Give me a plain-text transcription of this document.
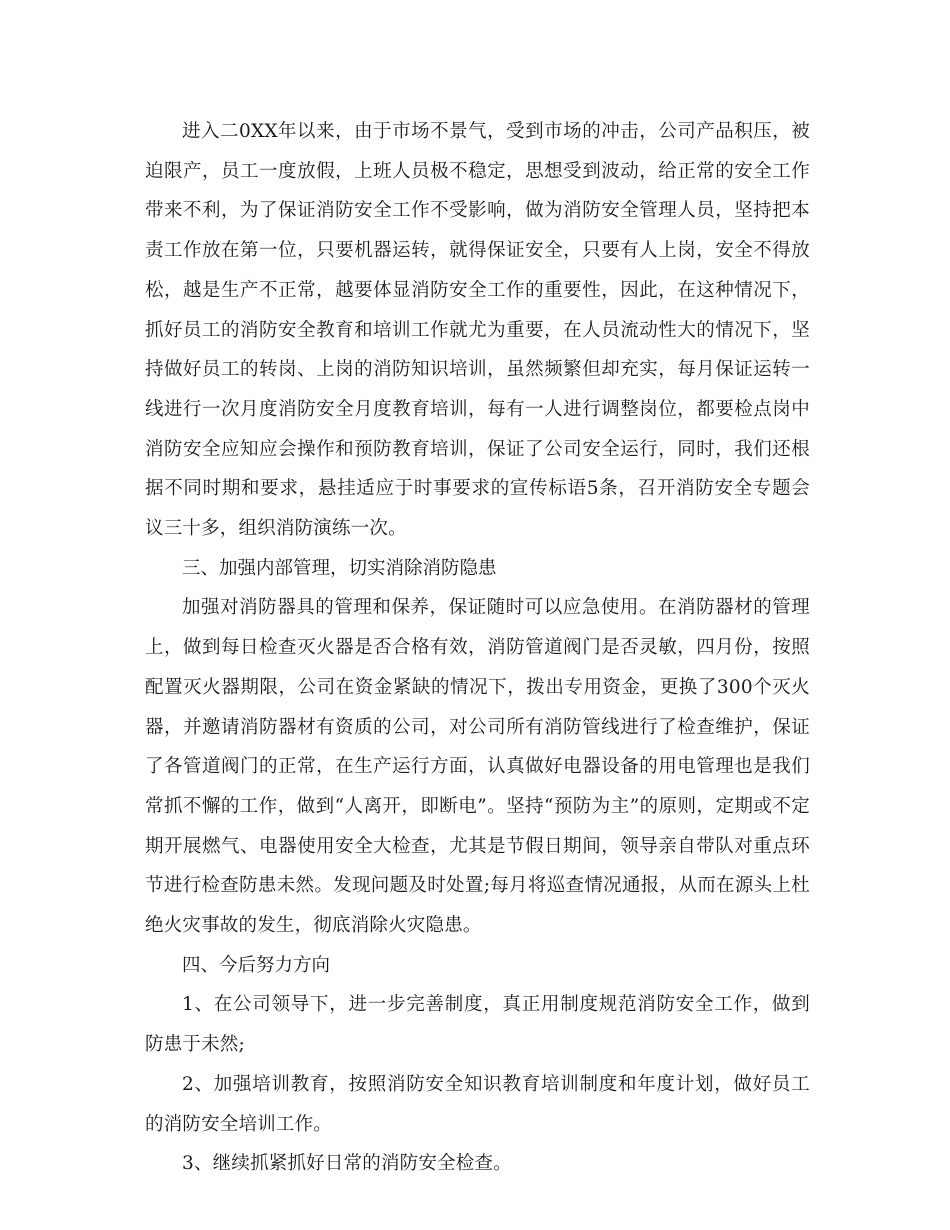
进入二0XX年以来，由于市场不景气，受到市场的冲击，公司产品积压，被迫限产，员工一度放假，上班人员极不稳定，思想受到波动，给正常的安全工作带来不利，为了保证消防安全工作不受影响，做为消防安全管理人员，坚持把本责工作放在第一位，只要机器运转，就得保证安全，只要有人上岗，安全不得放松，越是生产不正常，越要体显消防安全工作的重要性，因此，在这种情况下，抓好员工的消防安全教育和培训工作就尤为重要，在人员流动性大的情况下，坚持做好员工的转岗、上岗的消防知识培训，虽然频繁但却充实，每月保证运转一线进行一次月度消防安全月度教育培训，每有一人进行调整岗位，都要检点岗中消防安全应知应会操作和预防教育培训，保证了公司安全运行，同时，我们还根据不同时期和要求，悬挂适应于时事要求的宣传标语5条，召开消防安全专题会议三十多，组织消防演练一次。

三、加强内部管理，切实消除消防隐患

加强对消防器具的管理和保养，保证随时可以应急使用。在消防器材的管理上，做到每日检查灭火器是否合格有效，消防管道阀门是否灵敏，四月份，按照配置灭火器期限，公司在资金紧缺的情况下，拨出专用资金，更换了300个灭火器，并邀请消防器材有资质的公司，对公司所有消防管线进行了检查维护，保证了各管道阀门的正常，在生产运行方面，认真做好电器设备的用电管理也是我们常抓不懈的工作，做到“人离开，即断电”。坚持“预防为主”的原则，定期或不定期开展燃气、电器使用安全大检查，尤其是节假日期间，领导亲自带队对重点环节进行检查防患未然。发现问题及时处置;每月将巡查情况通报，从而在源头上杜绝火灾事故的发生，彻底消除火灾隐患。

四、今后努力方向

1、在公司领导下，进一步完善制度，真正用制度规范消防安全工作，做到防患于未然;

2、加强培训教育，按照消防安全知识教育培训制度和年度计划，做好员工的消防安全培训工作。

3、继续抓紧抓好日常的消防安全检查。
